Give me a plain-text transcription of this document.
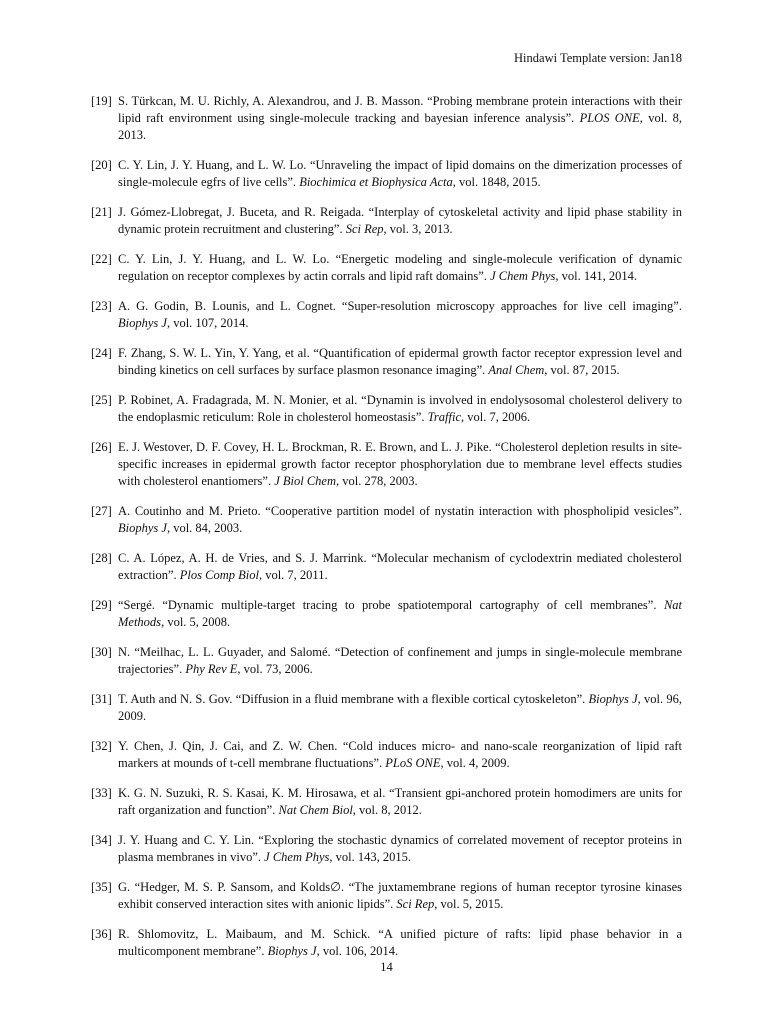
Hindawi Template version: Jan18
[19] S. Türkcan, M. U. Richly, A. Alexandrou, and J. B. Masson. “Probing membrane protein interactions with their lipid raft environment using single-molecule tracking and bayesian inference analysis”. PLOS ONE, vol. 8, 2013.
[20] C. Y. Lin, J. Y. Huang, and L. W. Lo. “Unraveling the impact of lipid domains on the dimerization processes of single-molecule egfrs of live cells”. Biochimica et Biophysica Acta, vol. 1848, 2015.
[21] J. Gómez-Llobregat, J. Buceta, and R. Reigada. “Interplay of cytoskeletal activity and lipid phase stability in dynamic protein recruitment and clustering”. Sci Rep, vol. 3, 2013.
[22] C. Y. Lin, J. Y. Huang, and L. W. Lo. “Energetic modeling and single-molecule verification of dynamic regulation on receptor complexes by actin corrals and lipid raft domains”. J Chem Phys, vol. 141, 2014.
[23] A. G. Godin, B. Lounis, and L. Cognet. “Super-resolution microscopy approaches for live cell imaging”. Biophys J, vol. 107, 2014.
[24] F. Zhang, S. W. L. Yin, Y. Yang, et al. “Quantification of epidermal growth factor receptor expression level and binding kinetics on cell surfaces by surface plasmon resonance imaging”. Anal Chem, vol. 87, 2015.
[25] P. Robinet, A. Fradagrada, M. N. Monier, et al. “Dynamin is involved in endolysosomal cholesterol delivery to the endoplasmic reticulum: Role in cholesterol homeostasis”. Traffic, vol. 7, 2006.
[26] E. J. Westover, D. F. Covey, H. L. Brockman, R. E. Brown, and L. J. Pike. “Cholesterol depletion results in site-specific increases in epidermal growth factor receptor phosphorylation due to membrane level effects studies with cholesterol enantiomers”. J Biol Chem, vol. 278, 2003.
[27] A. Coutinho and M. Prieto. “Cooperative partition model of nystatin interaction with phospholipid vesicles”. Biophys J, vol. 84, 2003.
[28] C. A. López, A. H. de Vries, and S. J. Marrink. “Molecular mechanism of cyclodextrin mediated cholesterol extraction”. Plos Comp Biol, vol. 7, 2011.
[29] “Sergé. “Dynamic multiple-target tracing to probe spatiotemporal cartography of cell membranes”. Nat Methods, vol. 5, 2008.
[30] N. “Meilhac, L. L. Guyader, and Salomé. “Detection of confinement and jumps in single-molecule membrane trajectories”. Phy Rev E, vol. 73, 2006.
[31] T. Auth and N. S. Gov. “Diffusion in a fluid membrane with a flexible cortical cytoskeleton”. Biophys J, vol. 96, 2009.
[32] Y. Chen, J. Qin, J. Cai, and Z. W. Chen. “Cold induces micro- and nano-scale reorganization of lipid raft markers at mounds of t-cell membrane fluctuations”. PLoS ONE, vol. 4, 2009.
[33] K. G. N. Suzuki, R. S. Kasai, K. M. Hirosawa, et al. “Transient gpi-anchored protein homodimers are units for raft organization and function”. Nat Chem Biol, vol. 8, 2012.
[34] J. Y. Huang and C. Y. Lin. “Exploring the stochastic dynamics of correlated movement of receptor proteins in plasma membranes in vivo”. J Chem Phys, vol. 143, 2015.
[35] G. “Hedger, M. S. P. Sansom, and Kolds∅. “The juxtamembrane regions of human receptor tyrosine kinases exhibit conserved interaction sites with anionic lipids”. Sci Rep, vol. 5, 2015.
[36] R. Shlomovitz, L. Maibaum, and M. Schick. “A unified picture of rafts: lipid phase behavior in a multicomponent membrane”. Biophys J, vol. 106, 2014.
14
